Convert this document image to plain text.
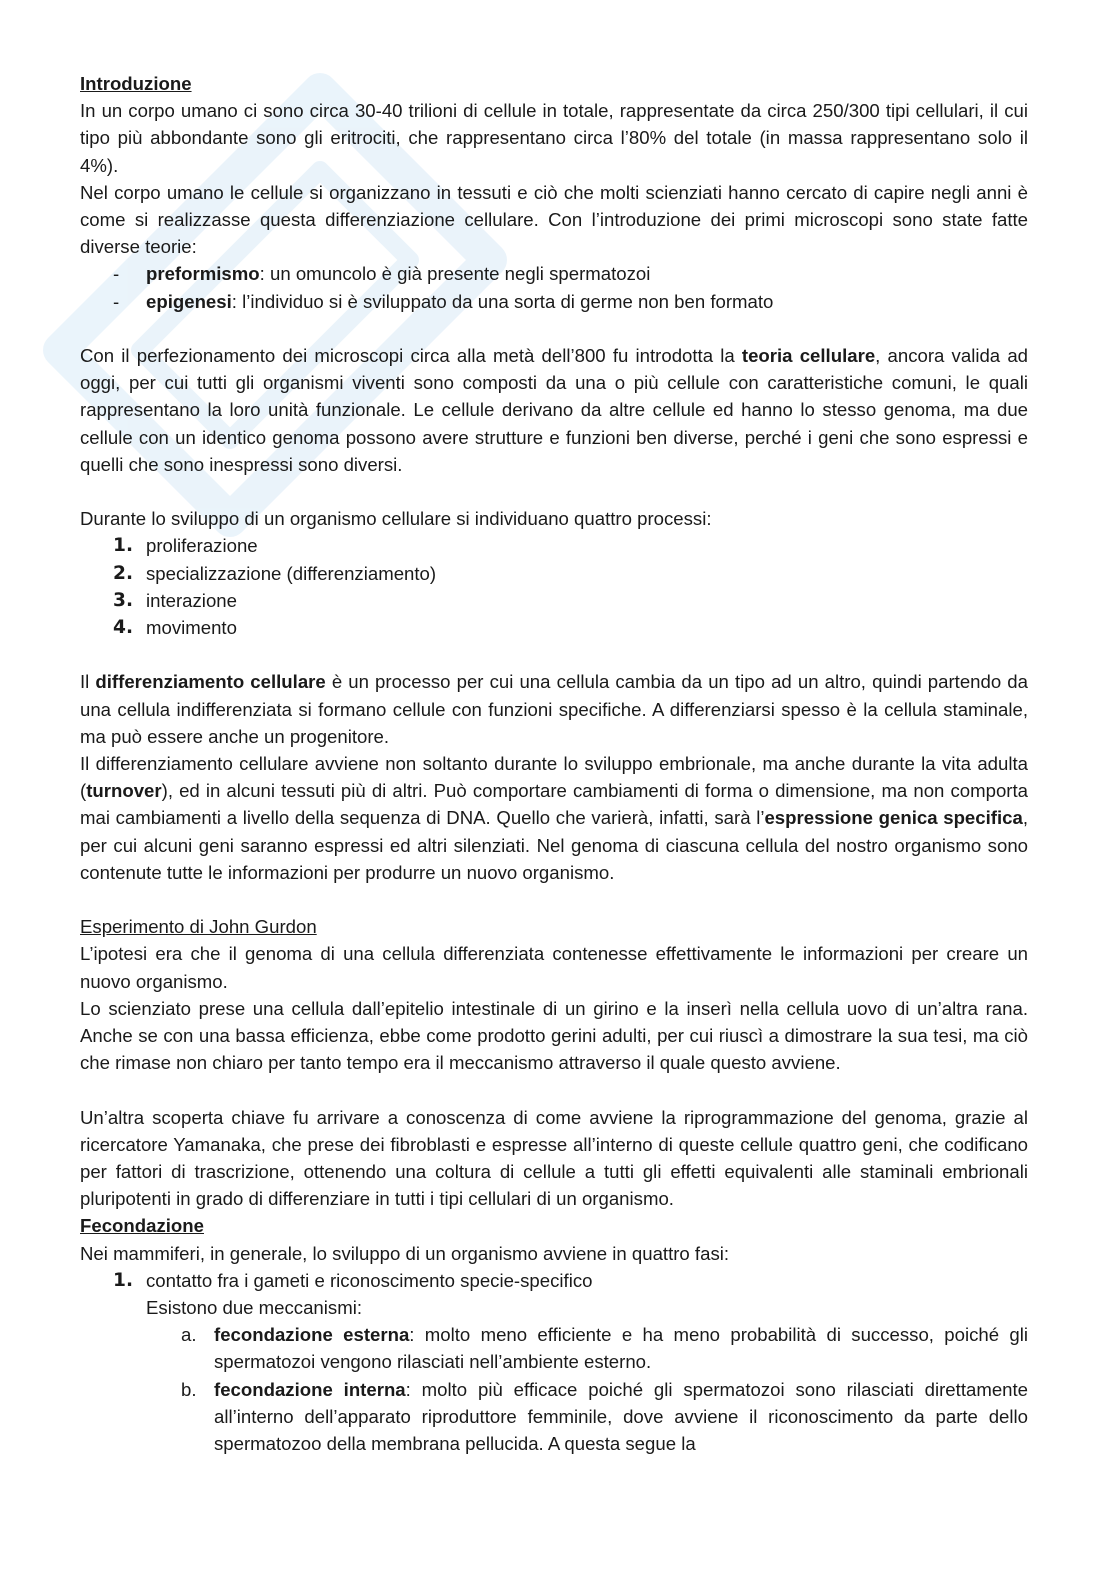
Introduzione

In un corpo umano ci sono circa 30-40 trilioni di cellule in totale, rappresentate da circa 250/300 tipi cellulari, il cui tipo più abbondante sono gli eritrociti, che rappresentano circa l’80% del totale (in massa rappresentano solo il 4%).

Nel corpo umano le cellule si organizzano in tessuti e ciò che molti scienziati hanno cercato di capire negli anni è come si realizzasse questa differenziazione cellulare. Con l’introduzione dei primi microscopi sono state fatte diverse teorie:

- preformismo: un omuncolo è già presente negli spermatozoi
- epigenesi: l’individuo si è sviluppato da una sorta di germe non ben formato

Con il perfezionamento dei microscopi circa alla metà dell’800 fu introdotta la teoria cellulare, ancora valida ad oggi, per cui tutti gli organismi viventi sono composti da una o più cellule con caratteristiche comuni, le quali rappresentano la loro unità funzionale. Le cellule derivano da altre cellule ed hanno lo stesso genoma, ma due cellule con un identico genoma possono avere strutture e funzioni ben diverse, perché i geni che sono espressi e quelli che sono inespressi sono diversi.

Durante lo sviluppo di un organismo cellulare si individuano quattro processi:

1. proliferazione
2. specializzazione (differenziamento)
3. interazione
4. movimento

Il differenziamento cellulare è un processo per cui una cellula cambia da un tipo ad un altro, quindi partendo da una cellula indifferenziata si formano cellule con funzioni specifiche. A differenziarsi spesso è la cellula staminale, ma può essere anche un progenitore.

Il differenziamento cellulare avviene non soltanto durante lo sviluppo embrionale, ma anche durante la vita adulta (turnover), ed in alcuni tessuti più di altri. Può comportare cambiamenti di forma o dimensione, ma non comporta mai cambiamenti a livello della sequenza di DNA. Quello che varierà, infatti, sarà l’espressione genica specifica, per cui alcuni geni saranno espressi ed altri silenziati. Nel genoma di ciascuna cellula del nostro organismo sono contenute tutte le informazioni per produrre un nuovo organismo.

Esperimento di John Gurdon

L’ipotesi era che il genoma di una cellula differenziata contenesse effettivamente le informazioni per creare un nuovo organismo.

Lo scienziato prese una cellula dall’epitelio intestinale di un girino e la inserì nella cellula uovo di un’altra rana. Anche se con una bassa efficienza, ebbe come prodotto gerini adulti, per cui riuscì a dimostrare la sua tesi, ma ciò che rimase non chiaro per tanto tempo era il meccanismo attraverso il quale questo avviene.

Un’altra scoperta chiave fu arrivare a conoscenza di come avviene la riprogrammazione del genoma, grazie al ricercatore Yamanaka, che prese dei fibroblasti e espresse all’interno di queste cellule quattro geni, che codificano per fattori di trascrizione, ottenendo una coltura di cellule a tutti gli effetti equivalenti alle staminali embrionali pluripotenti in grado di differenziare in tutti i tipi cellulari di un organismo.

Fecondazione

Nei mammiferi, in generale, lo sviluppo di un organismo avviene in quattro fasi:

1. contatto fra i gameti e riconoscimento specie-specifico

Esistono due meccanismi:

a. fecondazione esterna: molto meno efficiente e ha meno probabilità di successo, poiché gli spermatozoi vengono rilasciati nell’ambiente esterno.
b. fecondazione interna: molto più efficace poiché gli spermatozoi sono rilasciati direttamente all’interno dell’apparato riproduttore femminile, dove avviene il riconoscimento da parte dello spermatozoo della membrana pellucida. A questa segue la
